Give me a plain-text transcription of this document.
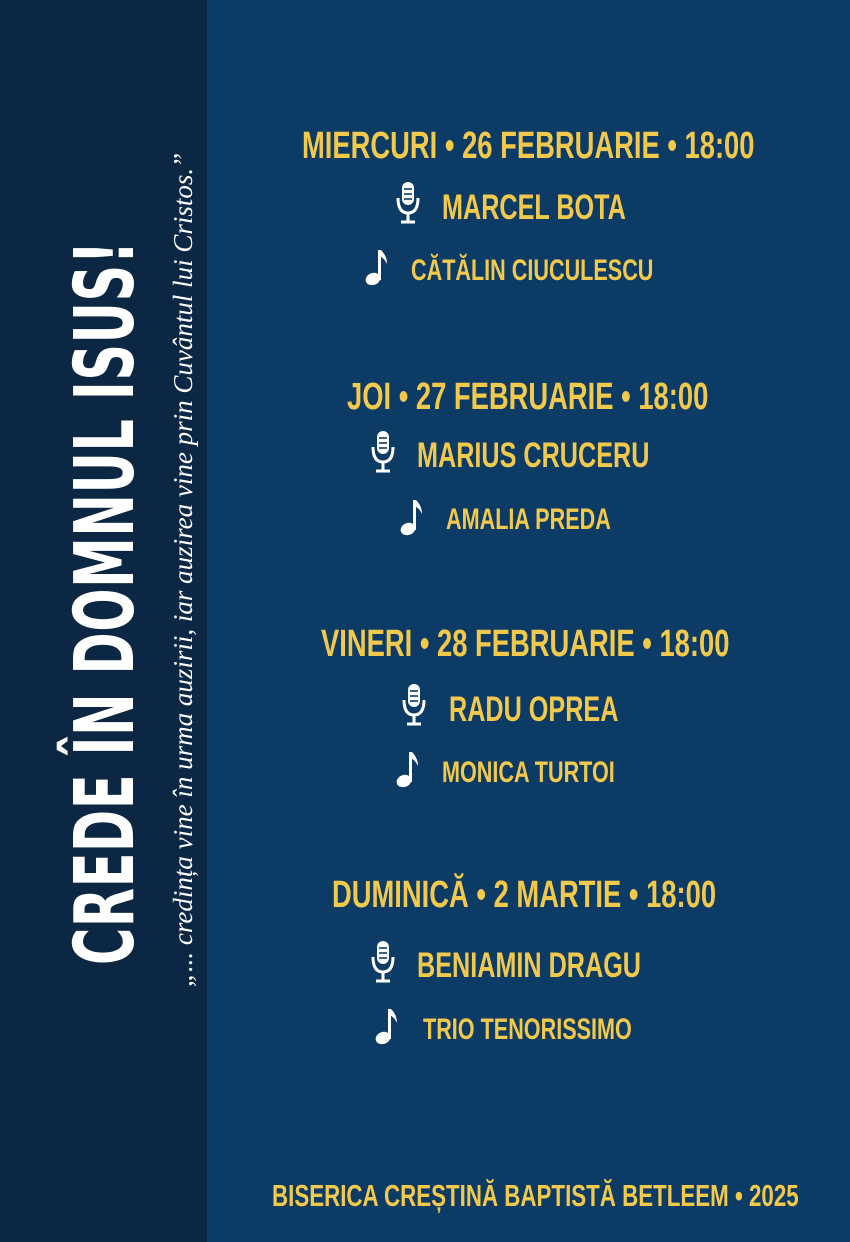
CREDE ÎN DOMNUL ISUS! „... credința vine în urma auzirii, iar auzirea vine prin Cuvântul lui Cristos.”
MIERCURI • 26 FEBRUARIE • 18:00
MARCEL BOTA
CĂTĂLIN CIUCULESCU
JOI • 27 FEBRUARIE • 18:00
MARIUS CRUCERU
AMALIA PREDA
VINERI • 28 FEBRUARIE • 18:00
RADU OPREA
MONICA TURTOI
DUMINICĂ • 2 MARTIE • 18:00
BENIAMIN DRAGU
TRIO TENORISSIMO
BISERICA CREȘTINĂ BAPTISTĂ BETLEEM • 2025
